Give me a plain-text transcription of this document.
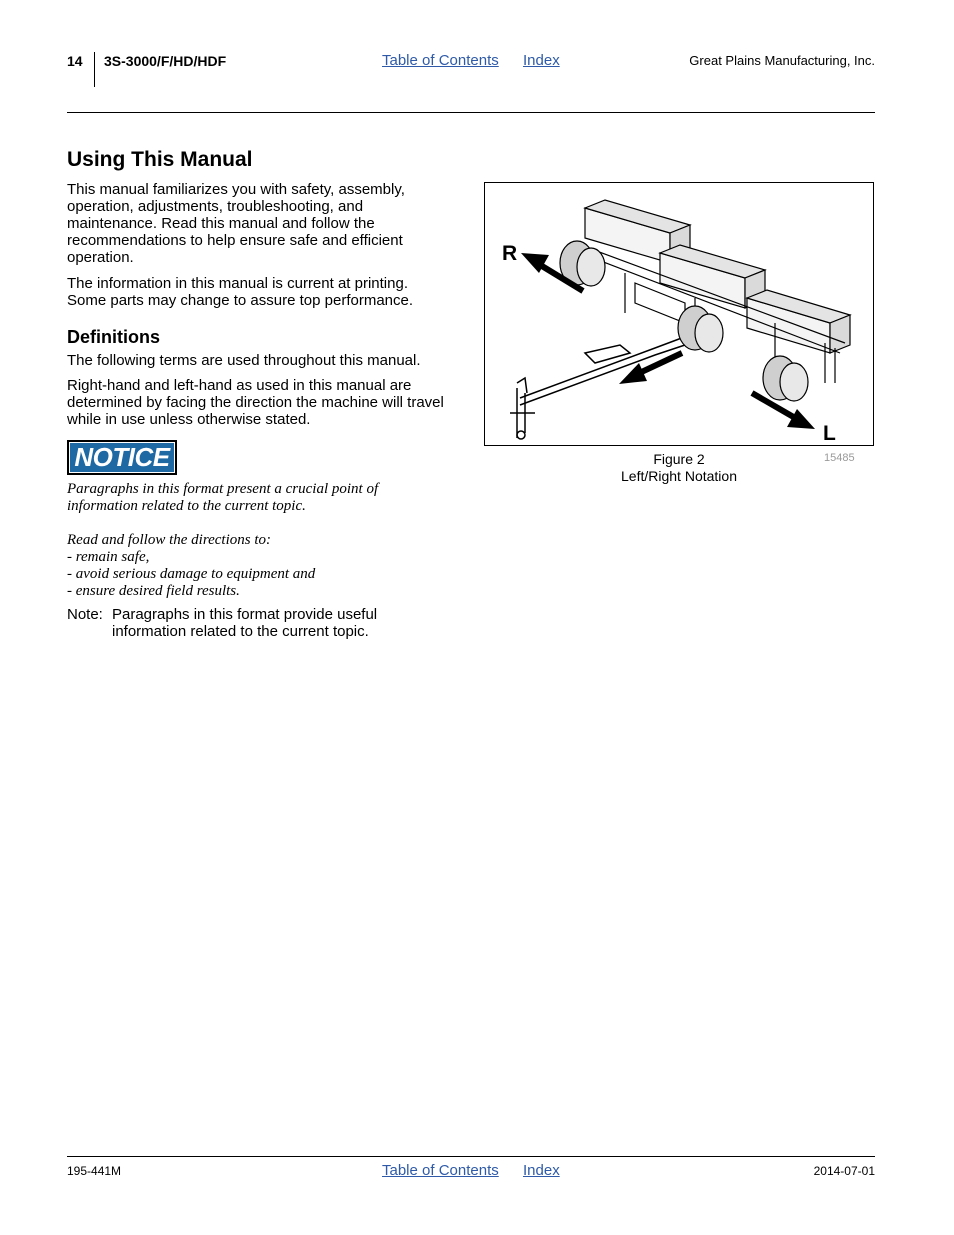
14 3S-3000/F/HD/HDF	Table of Contents Index	Great Plains Manufacturing, Inc.
Using This Manual
This manual familiarizes you with safety, assembly, operation, adjustments, troubleshooting, and maintenance. Read this manual and follow the recommendations to help ensure safe and efficient operation.
The information in this manual is current at printing. Some parts may change to assure top performance.
Definitions
The following terms are used throughout this manual.
Right-hand and left-hand as used in this manual are determined by facing the direction the machine will travel while in use unless otherwise stated.
NOTICE
Paragraphs in this format present a crucial point of information related to the current topic.
Read and follow the directions to:
- remain safe,
- avoid serious damage to equipment and
- ensure desired field results.
Note: Paragraphs in this format provide useful information related to the current topic.
R
L
Figure 2
Left/Right Notation
15485
195-441M	Table of Contents Index	2014-07-01
